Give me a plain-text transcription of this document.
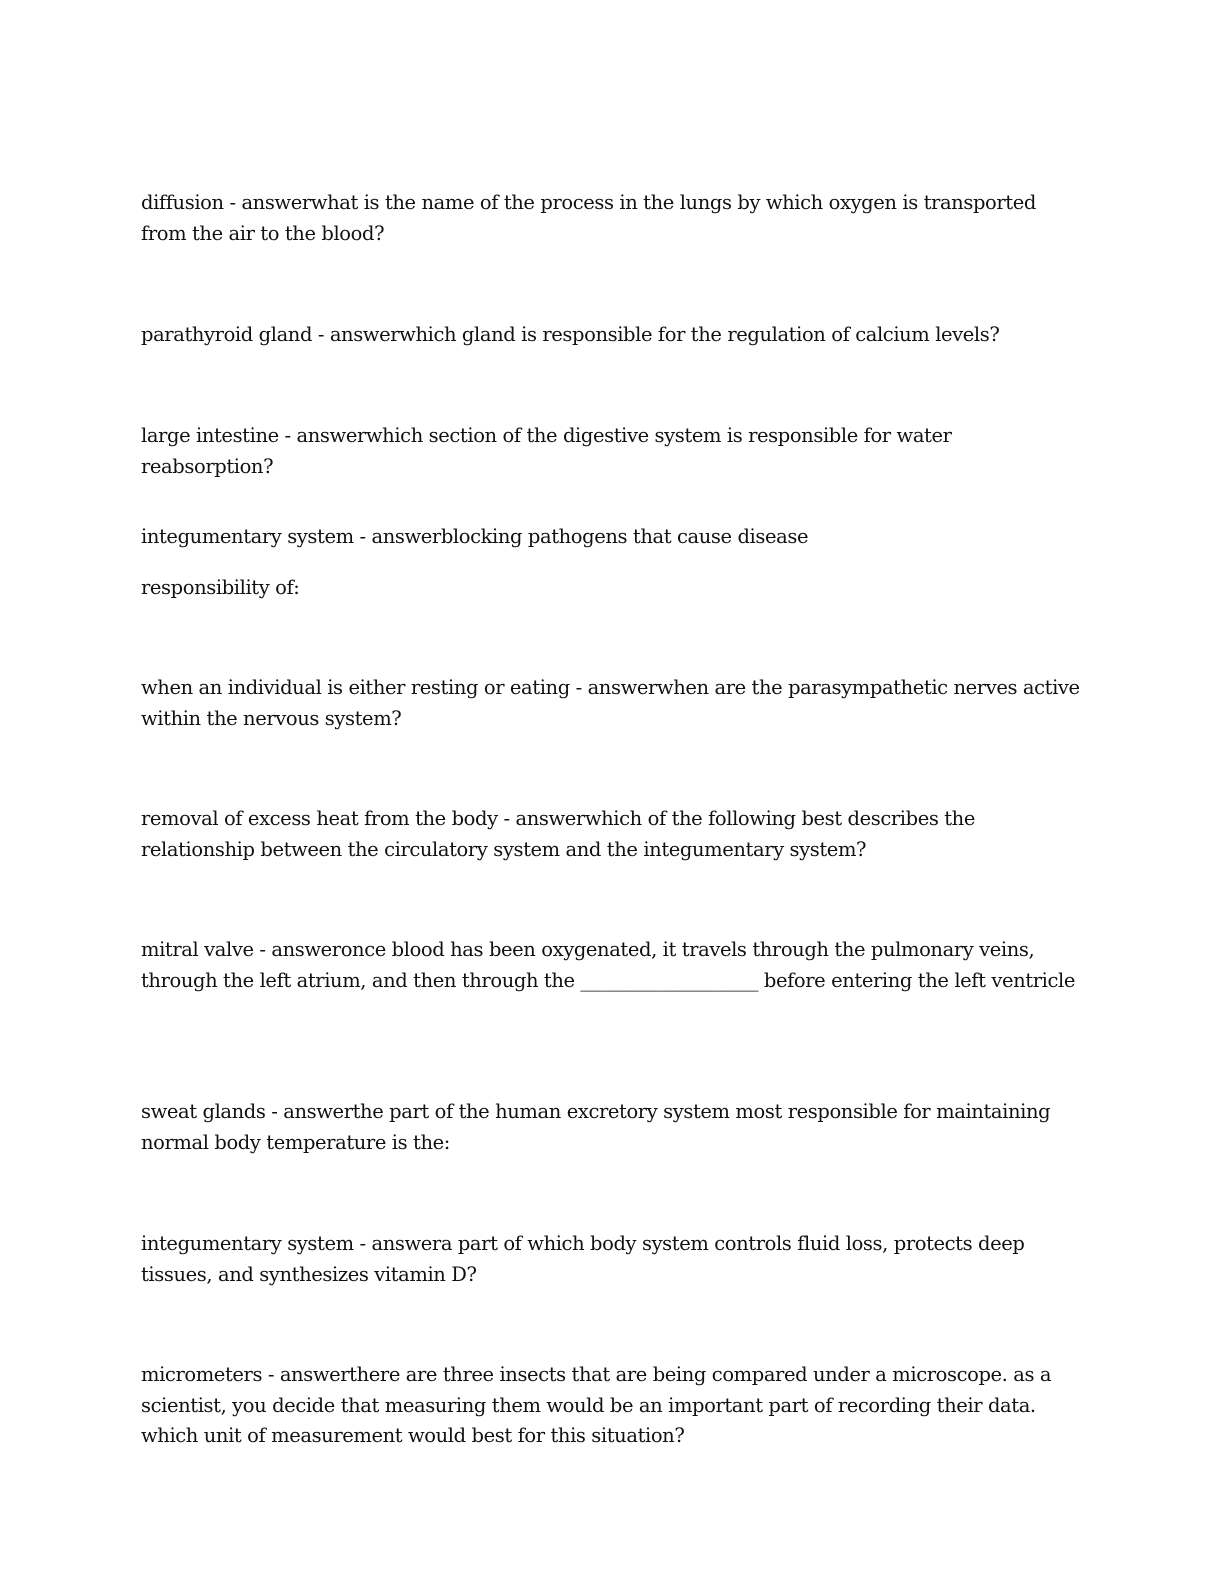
diffusion - answerwhat is the name of the process in the lungs by which oxygen is transported from the air to the blood?

parathyroid gland - answerwhich gland is responsible for the regulation of calcium levels?

large intestine - answerwhich section of the digestive system is responsible for water reabsorption?

integumentary system - answerblocking pathogens that cause disease

responsibility of:

when an individual is either resting or eating - answerwhen are the parasympathetic nerves active within the nervous system?

removal of excess heat from the body - answerwhich of the following best describes the relationship between the circulatory system and the integumentary system?

mitral valve - answeronce blood has been oxygenated, it travels through the pulmonary veins, through the left atrium, and then through the ___________________ before entering the left ventricle

sweat glands - answerthe part of the human excretory system most responsible for maintaining normal body temperature is the:

integumentary system - answera part of which body system controls fluid loss, protects deep tissues, and synthesizes vitamin D?

micrometers - answerthere are three insects that are being compared under a microscope. as a scientist, you decide that measuring them would be an important part of recording their data. which unit of measurement would best for this situation?
